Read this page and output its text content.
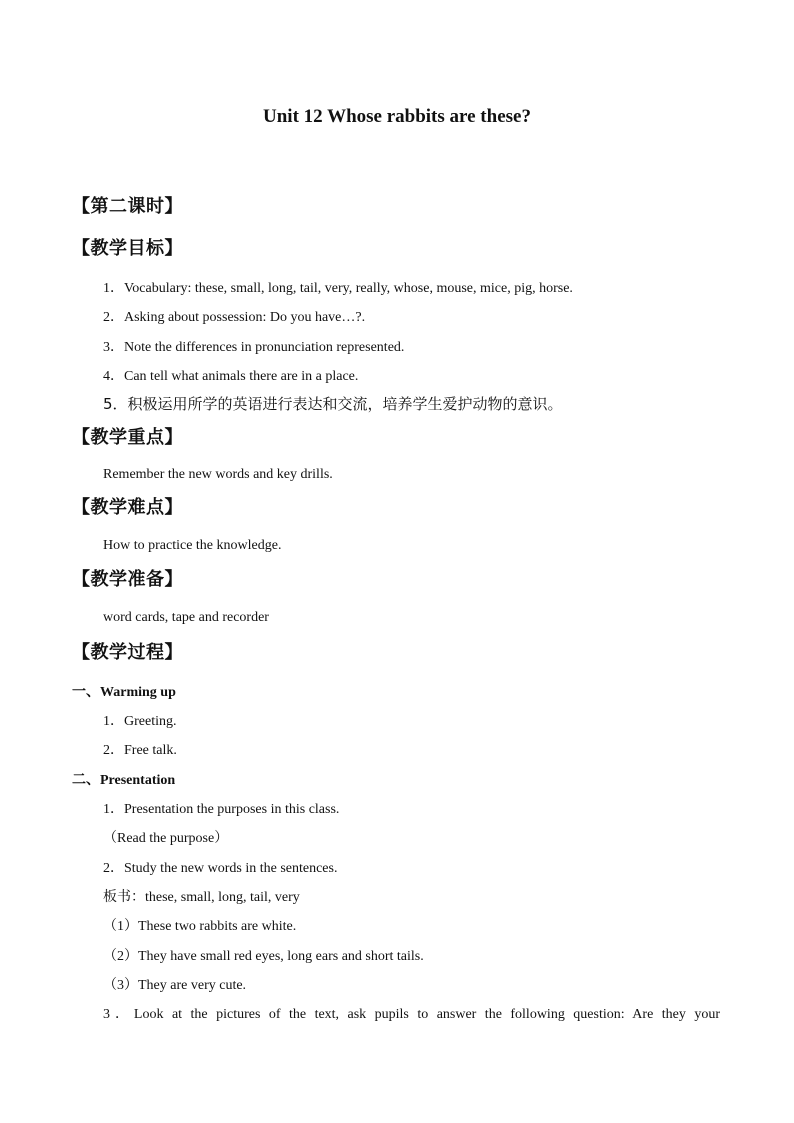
Unit 12 Whose rabbits are these?
【第二课时】
【教学目标】
1．Vocabulary: these, small, long, tail, very, really, whose, mouse, mice, pig, horse.
2．Asking about possession: Do you have…?.
3．Note the differences in pronunciation represented.
4．Can tell what animals there are in a place.
5．积极运用所学的英语进行表达和交流，培养学生爱护动物的意识。
【教学重点】
Remember the new words and key drills.
【教学难点】
How to practice the knowledge.
【教学准备】
word cards, tape and recorder
【教学过程】
一、Warming up
1．Greeting.
2．Free talk.
二、Presentation
1．Presentation the purposes in this class.
（Read the purpose）
2．Study the new words in the sentences.
板书：these, small, long, tail, very
（1）These two rabbits are white.
（2）They have small red eyes, long ears and short tails.
（3）They are very cute.
3．Look at the pictures of the text, ask pupils to answer the following question: Are they your
